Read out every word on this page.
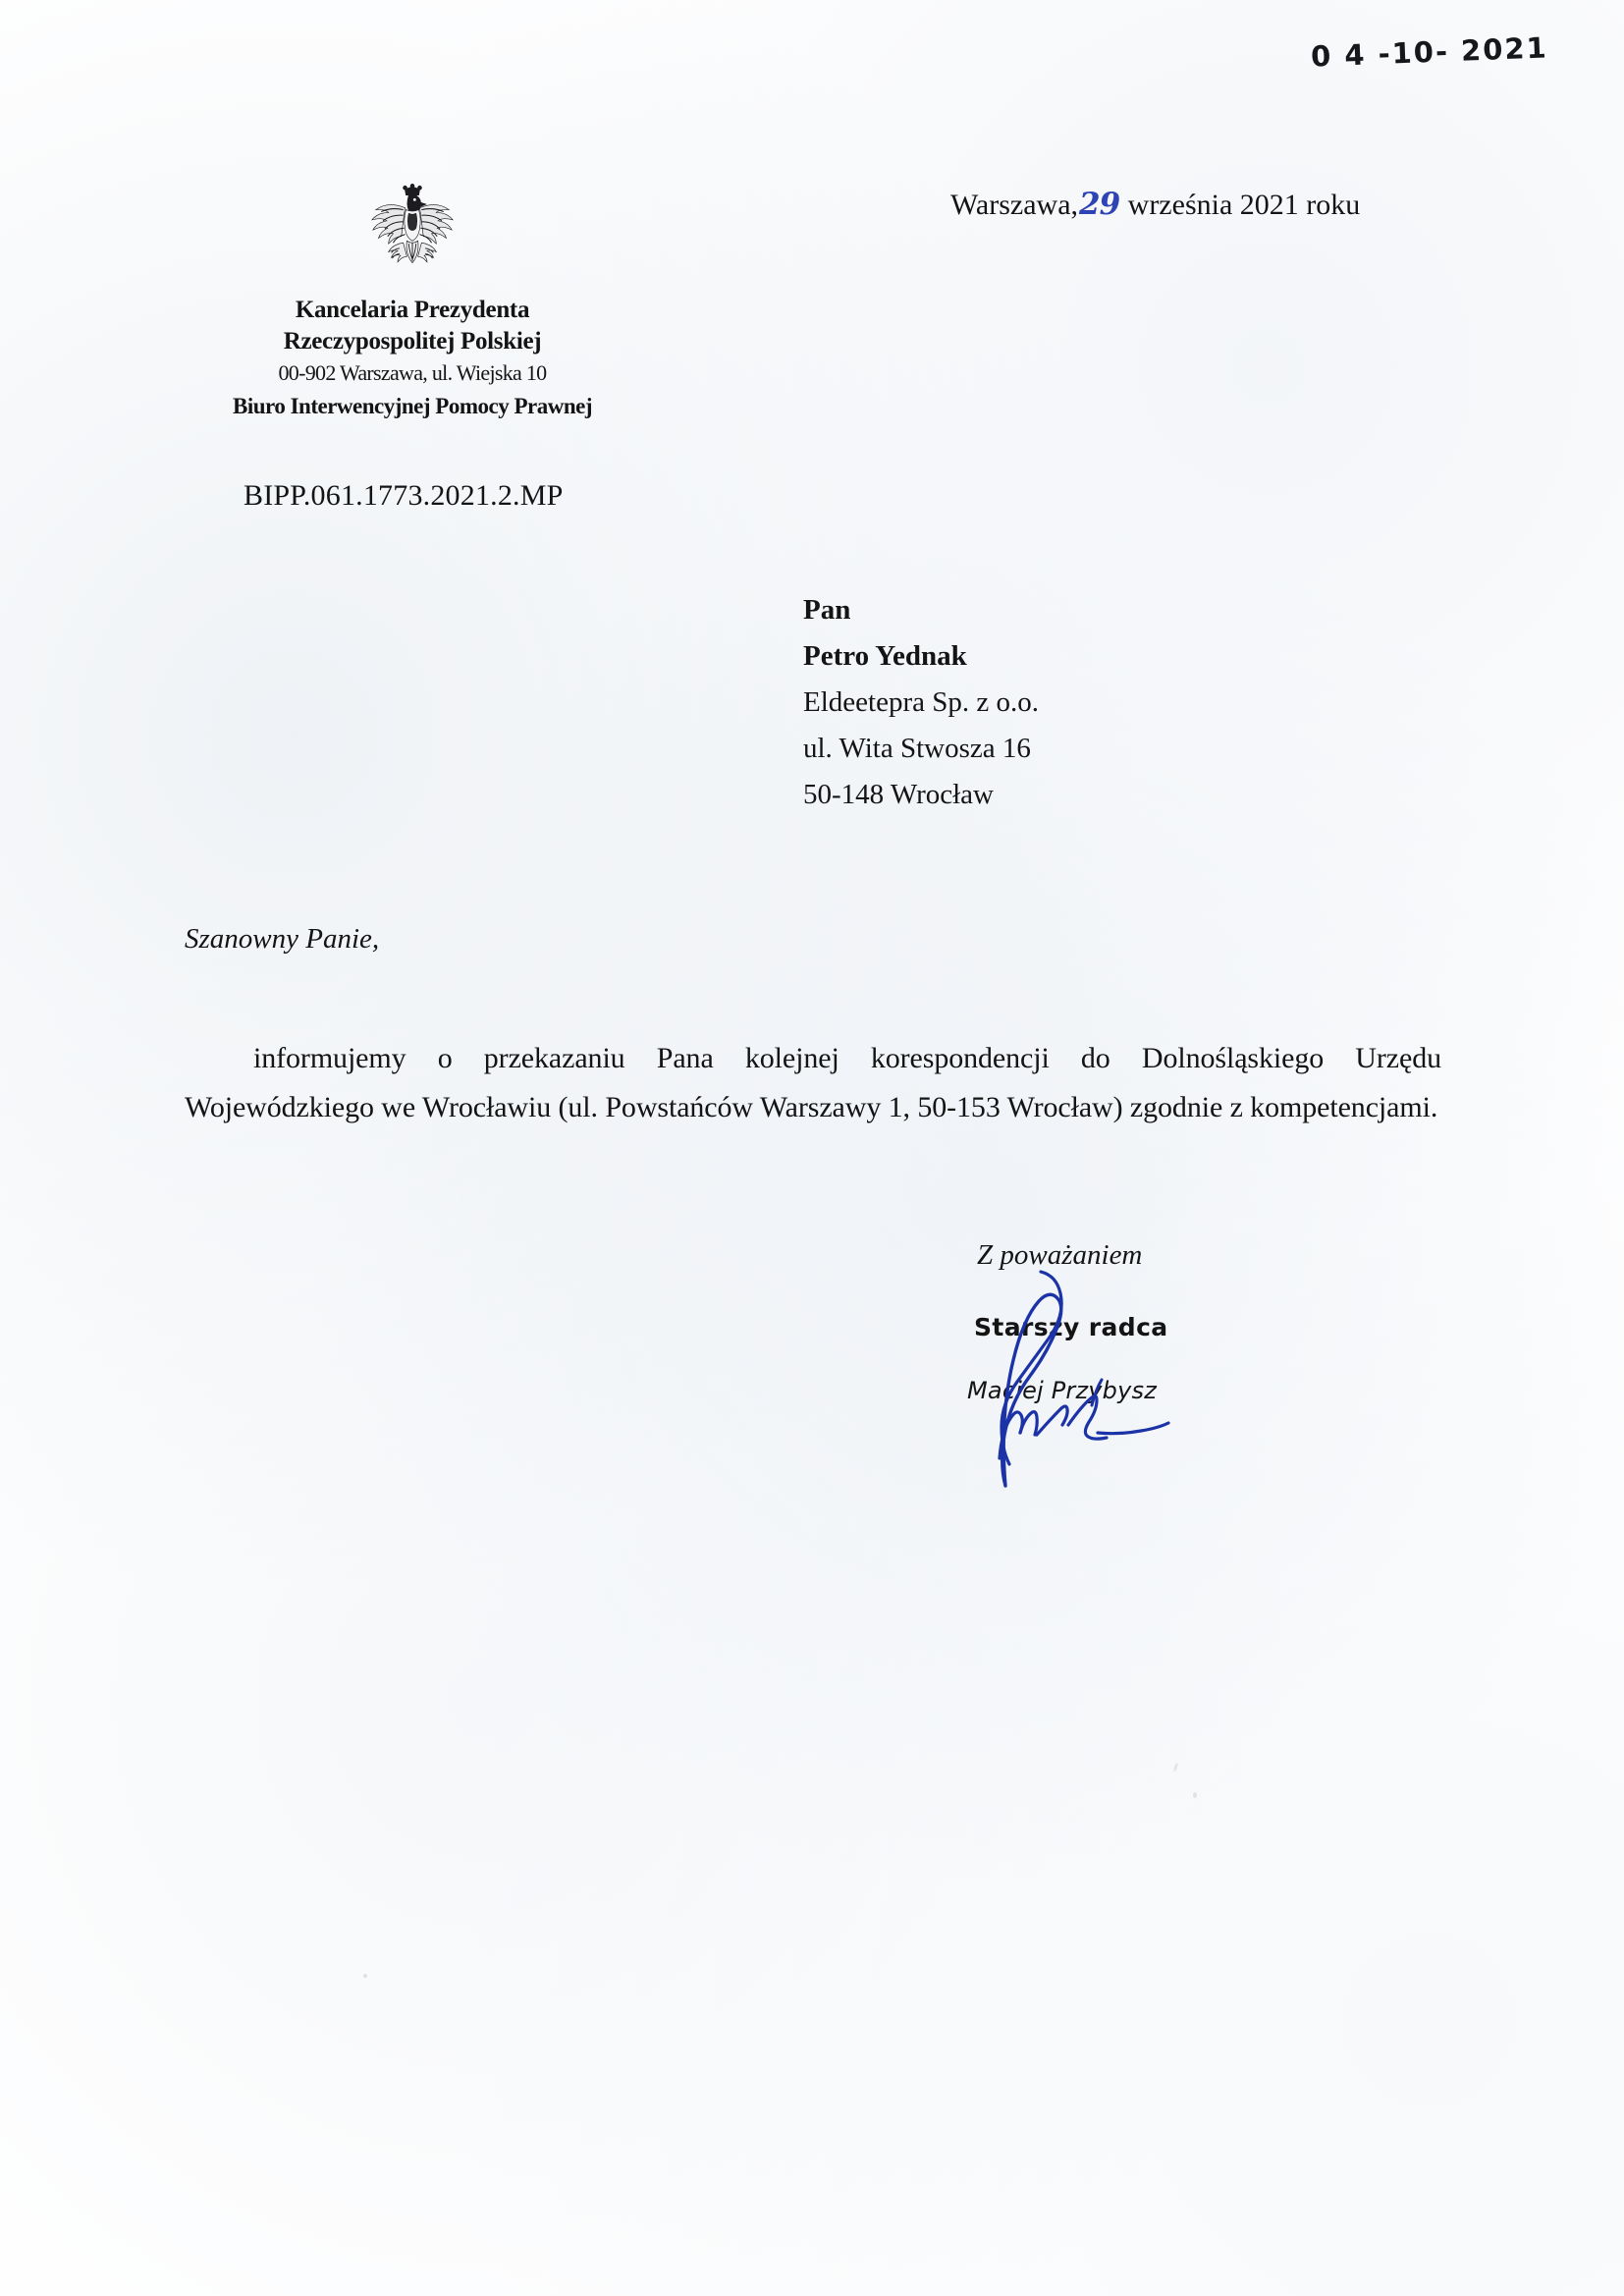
0 4 -10- 2021
Kancelaria Prezydenta
Rzeczypospolitej Polskiej
00-902 Warszawa, ul. Wiejska 10
Biuro Interwencyjnej Pomocy Prawnej
BIPP.061.1773.2021.2.MP
Warszawa,29 września 2021 roku
Pan
Petro Yednak
Eldeetepra Sp. z o.o.
ul. Wita Stwosza 16
50-148 Wrocław
Szanowny Panie,
informujemy o przekazaniu Pana kolejnej korespondencji do Dolnośląskiego Urzędu Wojewódzkiego we Wrocławiu (ul. Powstańców Warszawy 1, 50-153 Wrocław) zgodnie z kompetencjami.
Z poważaniem
Starszy radca
Maciej Przybysz
